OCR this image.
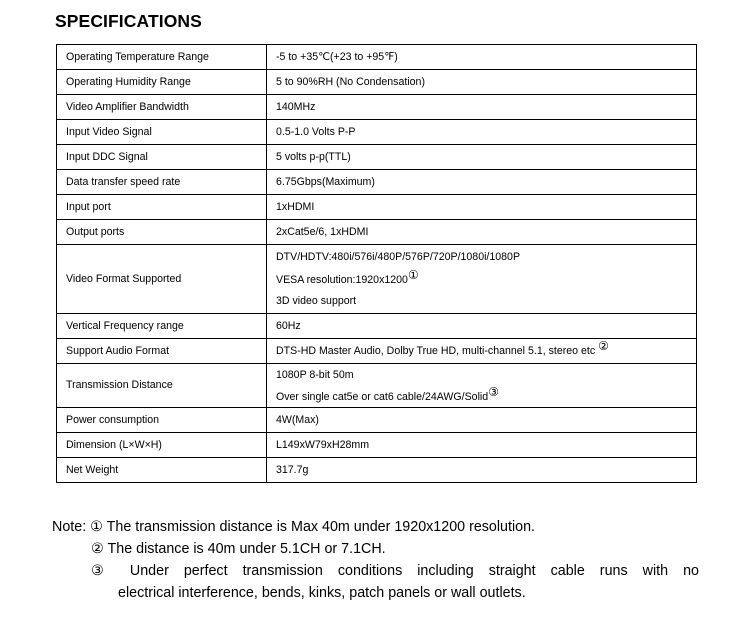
SPECIFICATIONS
Operating Temperature Range	-5 to +35℃(+23 to +95℉)
Operating Humidity Range	5 to 90%RH (No Condensation)
Video Amplifier Bandwidth	140MHz
Input Video Signal	0.5-1.0 Volts P-P
Input DDC Signal	5 volts p-p(TTL)
Data transfer speed rate	6.75Gbps(Maximum)
Input port	1xHDMI
Output ports	2xCat5e/6, 1xHDMI
Video Format Supported	DTV/HDTV:480i/576i/480P/576P/720P/1080i/1080P
VESA resolution:1920x1200①
3D video support

Vertical Frequency range	60Hz
Support Audio Format	DTS-HD Master Audio, Dolby True HD, multi-channel 5.1, stereo etc ②
Transmission Distance	1080P 8-bit 50m
Over single cat5e or cat6 cable/24AWG/Solid③

Power consumption	4W(Max)
Dimension (L×W×H)	L149xW79xH28mm
Net Weight	317.7g
Note: ① The transmission distance is Max 40m under 1920x1200 resolution.
② The distance is 40m under 5.1CH or 7.1CH.
③ Under perfect transmission conditions including straight cable runs with no
electrical interference, bends, kinks, patch panels or wall outlets.
